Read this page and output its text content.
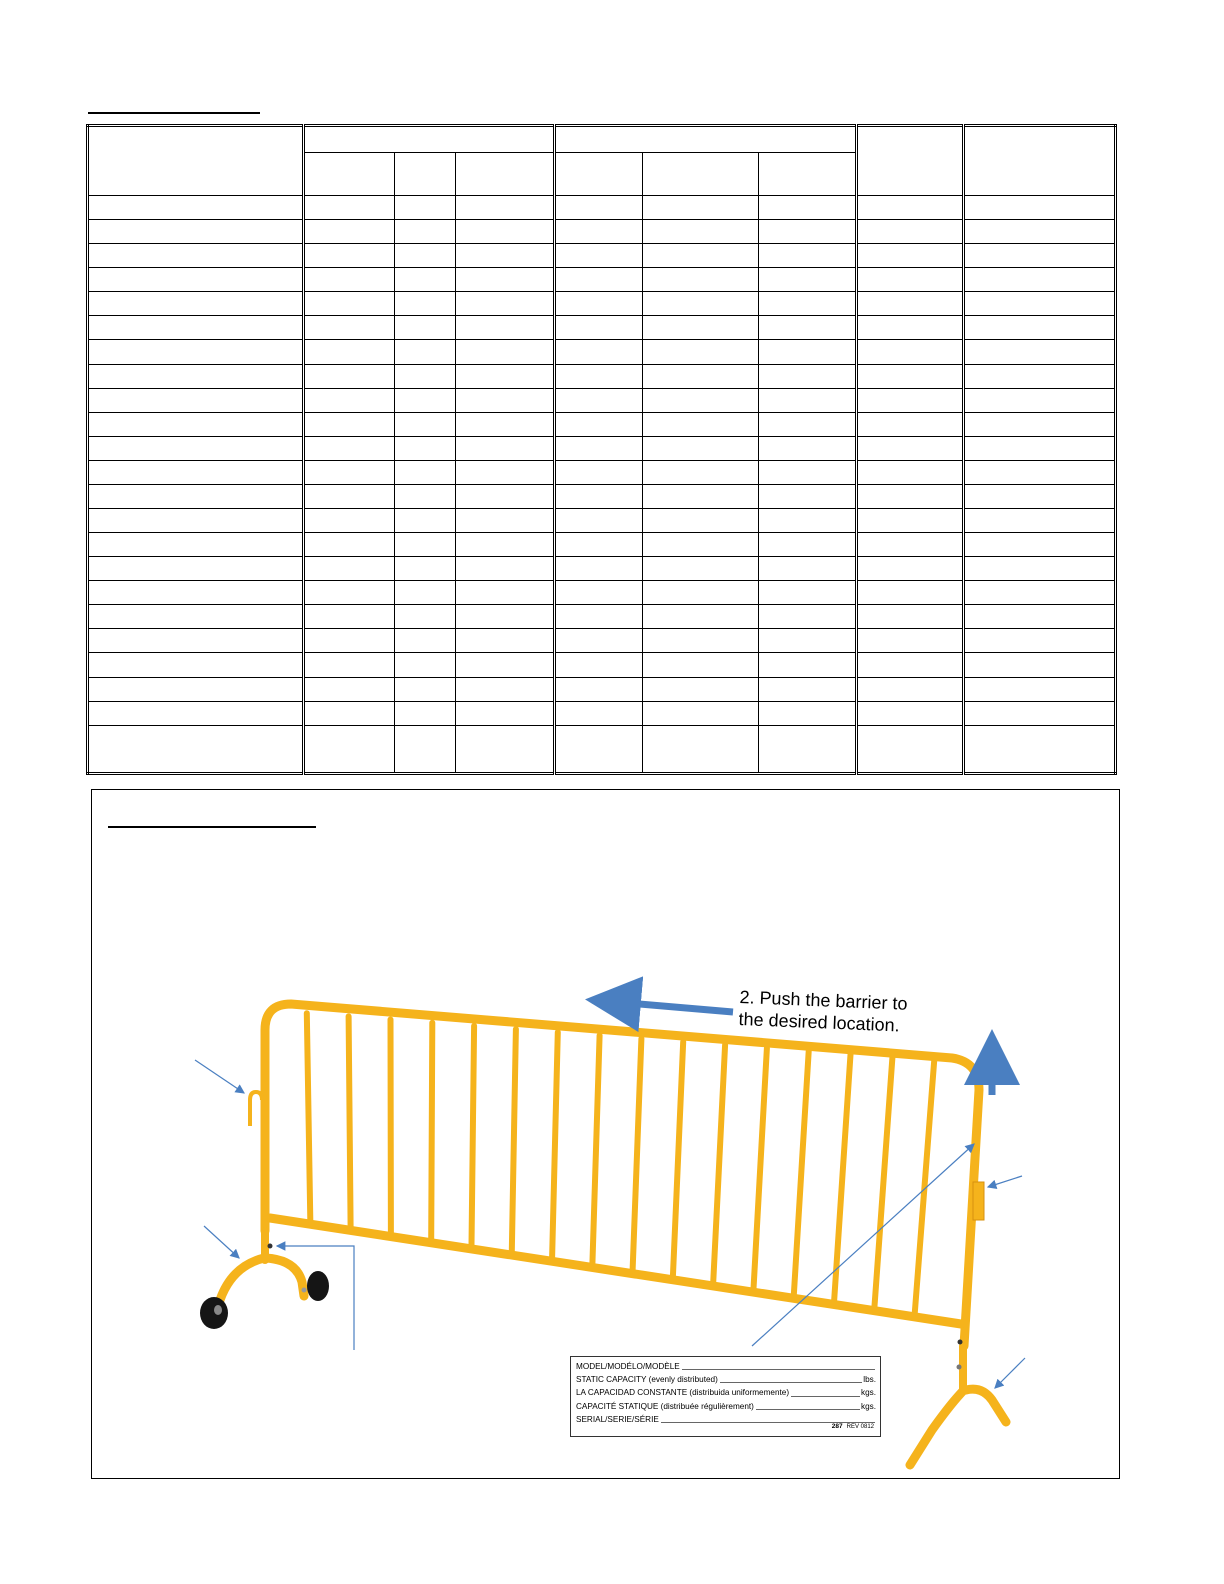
2. Push the barrier to
the desired location.
MODEL/MODÉLO/MODÈLE
STATIC CAPACITY (evenly distributed)	lbs.
LA CAPACIDAD CONSTANTE (distribuida uniformemente)	kgs.
CAPACITÉ STATIQUE (distribuée régulièrement)	kgs.
SERIAL/SERIE/SÉRIE
287 REV 0812
